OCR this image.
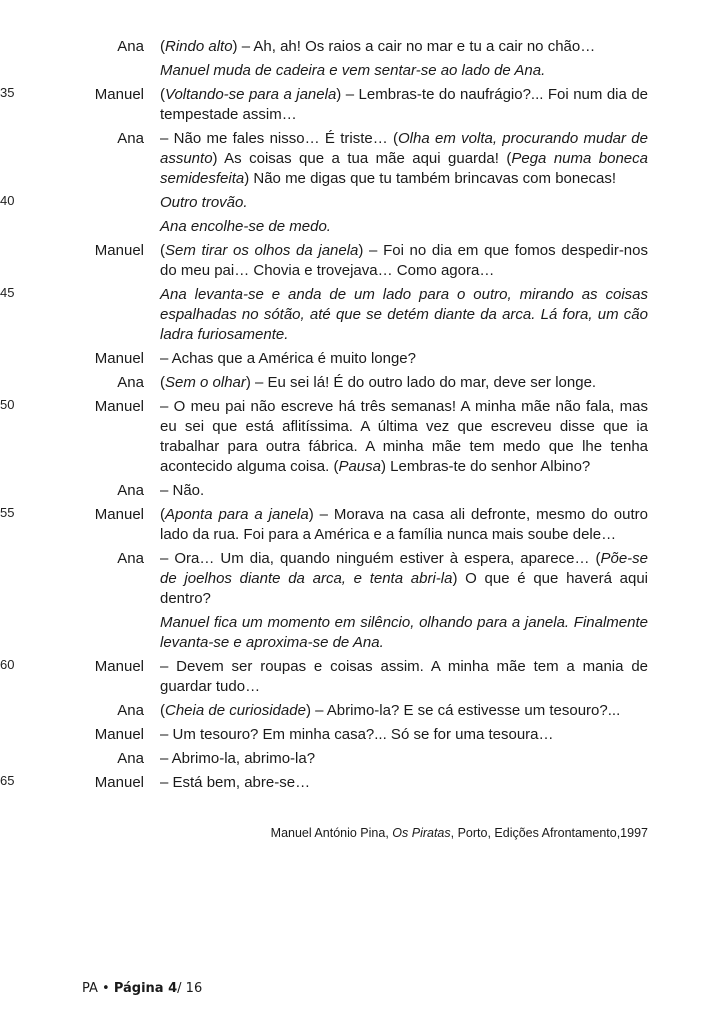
Ana	(Rindo alto) – Ah, ah! Os raios a cair no mar e tu a cair no chão…
Manuel muda de cadeira e vem sentar-se ao lado de Ana.
35	Manuel	(Voltando-se para a janela) – Lembras-te do naufrágio?... Foi num dia de tempestade assim…
Ana	– Não me fales nisso… É triste… (Olha em volta, procurando mudar de assunto) As coisas que a tua mãe aqui guarda! (Pega numa boneca semidesfeita) Não me digas que tu também brincavas com bonecas!
40	Outro trovão.
Ana encolhe-se de medo.
Manuel	(Sem tirar os olhos da janela) – Foi no dia em que fomos despedir-nos do meu pai… Chovia e trovejava… Como agora…
45	Ana levanta-se e anda de um lado para o outro, mirando as coisas espalhadas no sótão, até que se detém diante da arca. Lá fora, um cão ladra furiosamente.
Manuel	– Achas que a América é muito longe?
Ana	(Sem o olhar) – Eu sei lá! É do outro lado do mar, deve ser longe.
50	Manuel	– O meu pai não escreve há três semanas! A minha mãe não fala, mas eu sei que está aflitíssima. A última vez que escreveu disse que ia trabalhar para outra fábrica. A minha mãe tem medo que lhe tenha acontecido alguma coisa. (Pausa) Lembras-te do senhor Albino?
Ana	– Não.
55	Manuel	(Aponta para a janela) – Morava na casa ali defronte, mesmo do outro lado da rua. Foi para a América e a família nunca mais soube dele…
Ana	– Ora… Um dia, quando ninguém estiver à espera, aparece… (Põe-se de joelhos diante da arca, e tenta abri-la) O que é que haverá aqui dentro?
Manuel fica um momento em silêncio, olhando para a janela. Finalmente levanta-se e aproxima-se de Ana.
60	Manuel	– Devem ser roupas e coisas assim. A minha mãe tem a mania de guardar tudo…
Ana	(Cheia de curiosidade) – Abrimo-la? E se cá estivesse um tesouro?...
Manuel	– Um tesouro? Em minha casa?... Só se for uma tesoura…
Ana	– Abrimo-la, abrimo-la?
65	Manuel	– Está bem, abre-se…
Manuel António Pina, Os Piratas, Porto, Edições Afrontamento,1997
PA • Página 4/ 16
